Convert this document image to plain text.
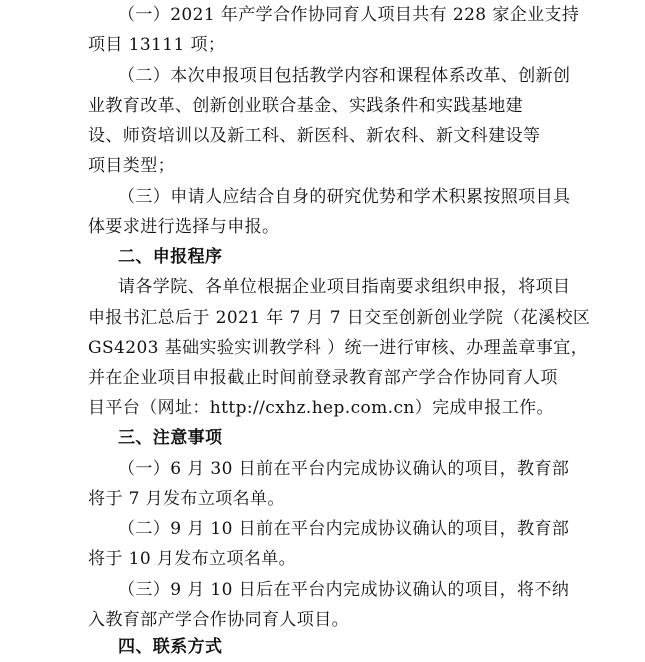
（一）2021 年产学合作协同育人项目共有 228 家企业支持
项目 13111 项；
（二）本次申报项目包括教学内容和课程体系改革、创新创
业教育改革、创新创业联合基金、实践条件和实践基地建
设、师资培训以及新工科、新医科、新农科、新文科建设等
项目类型；
（三）申请人应结合自身的研究优势和学术积累按照项目具
体要求进行选择与申报。
二、申报程序
请各学院、各单位根据企业项目指南要求组织申报，将项目
申报书汇总后于 2021 年 7 月 7 日交至创新创业学院（花溪校区
GS4203 基础实验实训教学科 ）统一进行审核、办理盖章事宜，
并在企业项目申报截止时间前登录教育部产学合作协同育人项
目平台（网址：http://cxhz.hep.com.cn）完成申报工作。
三、注意事项
（一）6 月 30 日前在平台内完成协议确认的项目，教育部
将于 7 月发布立项名单。
（二）9 月 10 日前在平台内完成协议确认的项目，教育部
将于 10 月发布立项名单。
（三）9 月 10 日后在平台内完成协议确认的项目，将不纳
入教育部产学合作协同育人项目。
四、联系方式
